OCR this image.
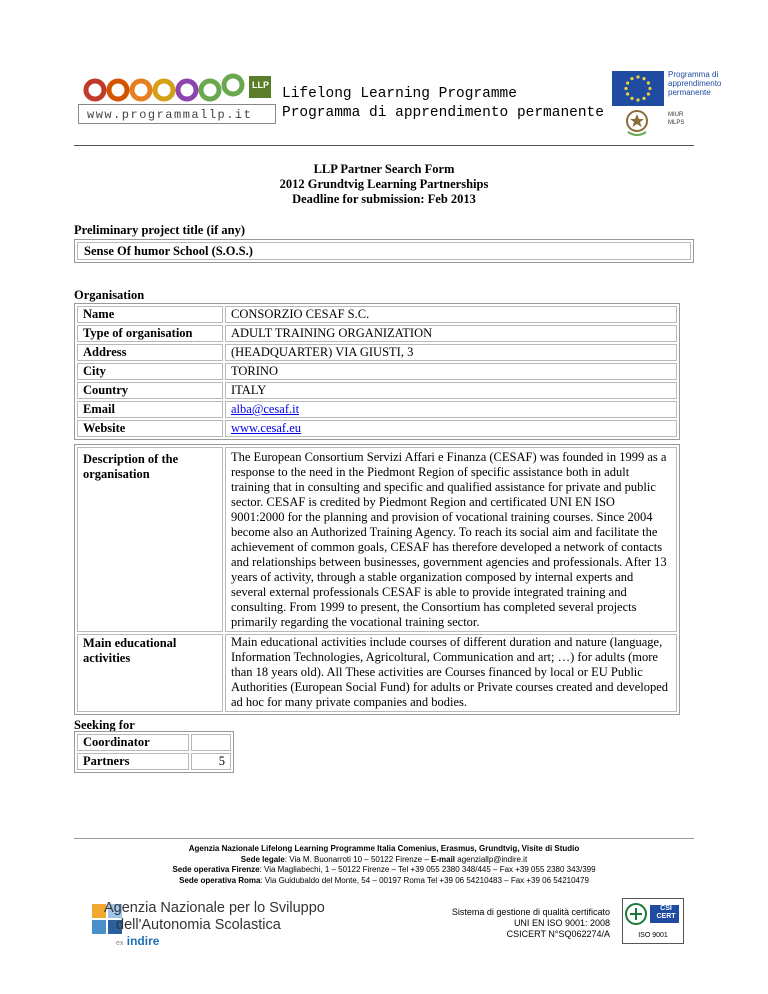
LLP
www.programmallp.it
Lifelong Learning Programme
Programma di apprendimento permanente
Programma di
apprendimento
permanente
MIUR
MLPS
LLP Partner Search Form
2012 Grundtvig Learning Partnerships
Deadline for submission: Feb 2013
Preliminary project title (if any)
Sense Of humor School (S.O.S.)
Organisation
Name	CONSORZIO CESAF S.C.
Type of organisation	ADULT TRAINING ORGANIZATION
Address	(HEADQUARTER) VIA GIUSTI, 3
City	TORINO
Country	ITALY
Email	alba@cesaf.it
Website	www.cesaf.eu
Description of the organisation	The European Consortium Servizi Affari e Finanza (CESAF) was founded in 1999 as a response to the need in the Piedmont Region of specific assistance both in adult training that in consulting and specific and qualified assistance for private and public sector. CESAF is credited by Piedmont Region and certificated UNI EN ISO 9001:2000 for the planning and provision of vocational training courses. Since 2004 become also an Authorized Training Agency. To reach its social aim and facilitate the achievement of common goals, CESAF has therefore developed a network of contacts and relationships between businesses, government agencies and professionals. After 13 years of activity, through a stable organization composed by internal experts and several external professionals CESAF is able to provide integrated training and consulting. From 1999 to present, the Consortium has completed several projects primarily regarding the vocational training sector.
Main educational activities	Main educational activities include courses of different duration and nature (language, Information Technologies, Agricoltural, Communication and art; …) for adults (more than 18 years old). All These activities are Courses financed by local or EU Public Authorities (European Social Fund) for adults or Private courses created and developed ad hoc for many private companies and bodies.
Seeking for
Coordinator	
Partners	5
Agenzia Nazionale Lifelong Learning Programme Italia Comenius, Erasmus, Grundtvig, Visite di Studio
Sede legale: Via M. Buonarroti 10 – 50122 Firenze – E-mail agenziallp@indire.it
Sede operativa Firenze: Via Magliabechi, 1 – 50122 Firenze – Tel +39 055 2380 348/445 – Fax +39 055 2380 343/399
Sede operativa Roma: Via Guidubaldo del Monte, 54 – 00197 Roma Tel +39 06 54210483 – Fax +39 06 54210479
Agenzia Nazionale per lo Sviluppo
dell'Autonomia Scolastica
ex indire
Sistema di gestione di qualità certificato
UNI EN ISO 9001: 2008
CSICERT N°SQ062274/A
CSI CERT
ISO 9001
